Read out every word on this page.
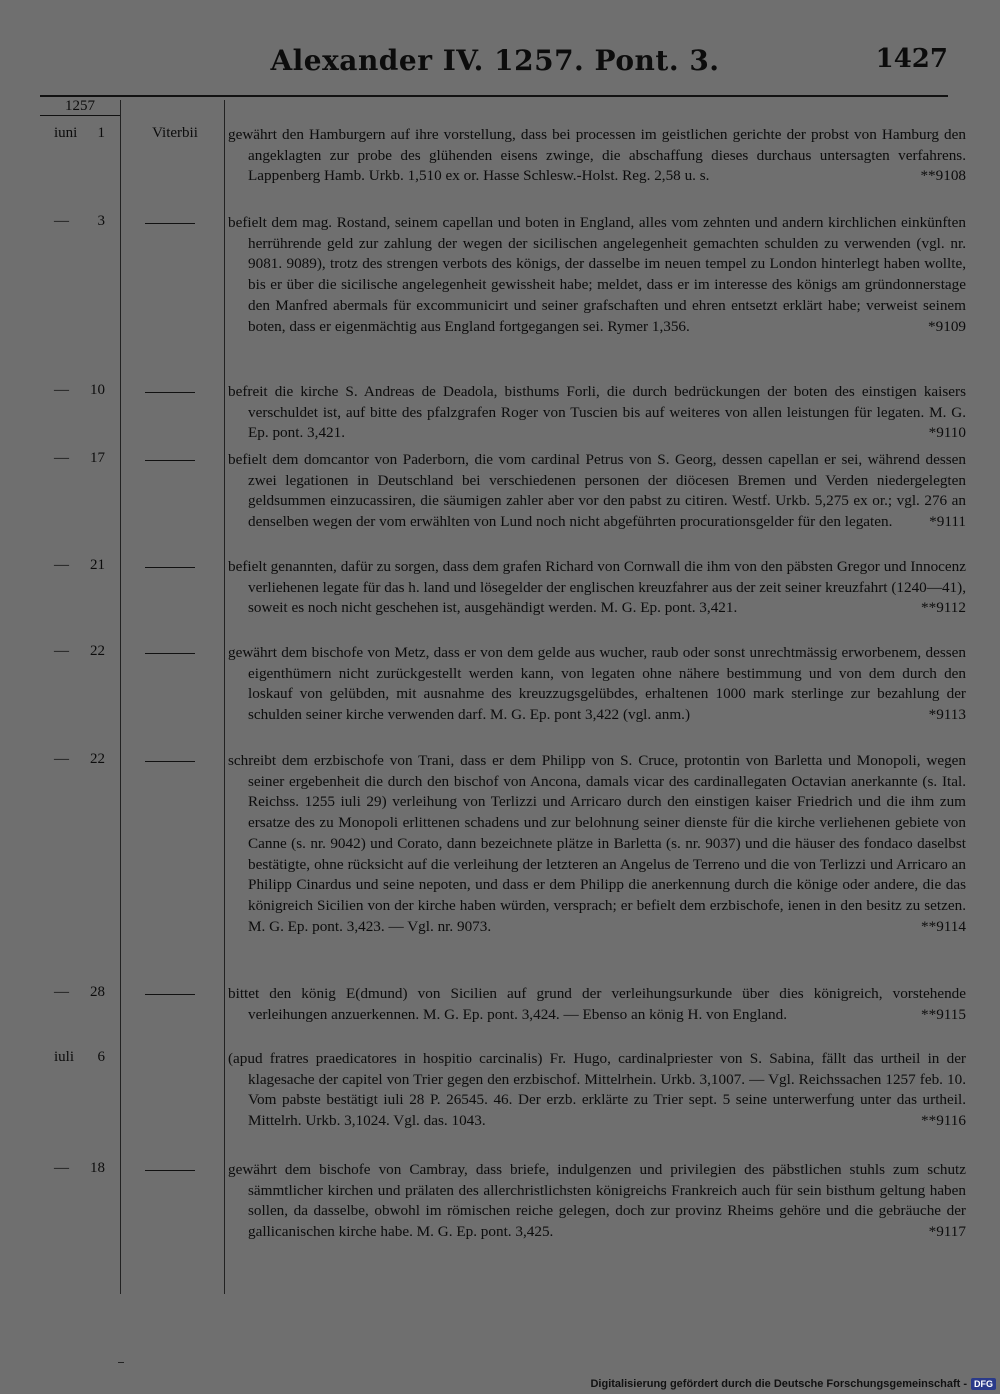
Alexander IV. 1257. Pont. 3.	1427
1257
iuni 1	Viterbii	gewährt den Hamburgern auf ihre vorstellung, dass bei processen im geistlichen gerichte der probst von Hamburg den angeklagten zur probe des glühenden eisens zwinge, die abschaffung dieses durchaus untersagten verfahrens. Lappenberg Hamb. Urkb. 1,510 ex or. Hasse Schlesw.-Holst. Reg. 2,58 u. s.	**9108
— 3	befielt dem mag. Rostand, seinem capellan und boten in England, alles vom zehnten und andern kirchlichen einkünften herrührende geld zur zahlung der wegen der sicilischen angelegenheit gemachten schulden zu verwenden (vgl. nr. 9081. 9089), trotz des strengen verbots des königs, der dasselbe im neuen tempel zu London hinterlegt haben wollte, bis er über die sicilische angelegenheit gewissheit habe; meldet, dass er im interesse des königs am gründonnerstage den Manfred abermals für excommunicirt und seiner grafschaften und ehren entsetzt erklärt habe; verweist seinem boten, dass er eigenmächtig aus England fortgegangen sei. Rymer 1,356.	*9109
— 10	befreit die kirche S. Andreas de Deadola, bisthums Forli, die durch bedrückungen der boten des einstigen kaisers verschuldet ist, auf bitte des pfalzgrafen Roger von Tuscien bis auf weiteres von allen leistungen für legaten. M. G. Ep. pont. 3,421.	*9110
— 17	befielt dem domcantor von Paderborn, die vom cardinal Petrus von S. Georg, dessen capellan er sei, während dessen zwei legationen in Deutschland bei verschiedenen personen der diöcesen Bremen und Verden niedergelegten geldsummen einzucassiren, die säumigen zahler aber vor den pabst zu citiren. Westf. Urkb. 5,275 ex or.; vgl. 276 an denselben wegen der vom erwählten von Lund noch nicht abgeführten procurationsgelder für den legaten. *9111
— 21	befielt genannten, dafür zu sorgen, dass dem grafen Richard von Cornwall die ihm von den päbsten Gregor und Innocenz verliehenen legate für das h. land und lösegelder der englischen kreuzfahrer aus der zeit seiner kreuzfahrt (1240—41), soweit es noch nicht geschehen ist, ausgehändigt werden. M. G. Ep. pont. 3,421.	**9112
— 22	gewährt dem bischofe von Metz, dass er von dem gelde aus wucher, raub oder sonst unrechtmässig erworbenem, dessen eigenthümern nicht zurückgestellt werden kann, von legaten ohne nähere bestimmung und von dem durch den loskauf von gelübden, mit ausnahme des kreuzzugsgelübdes, erhaltenen 1000 mark sterlinge zur bezahlung der schulden seiner kirche verwenden darf. M. G. Ep. pont 3,422 (vgl. anm.)	*9113
— 22	schreibt dem erzbischofe von Trani, dass er dem Philipp von S. Cruce, protontin von Barletta und Monopoli, wegen seiner ergebenheit die durch den bischof von Ancona, damals vicar des cardinallegaten Octavian anerkannte (s. Ital. Reichss. 1255 iuli 29) verleihung von Terlizzi und Arricaro durch den einstigen kaiser Friedrich und die ihm zum ersatze des zu Monopoli erlittenen schadens und zur belohnung seiner dienste für die kirche verliehenen gebiete von Canne (s. nr. 9042) und Corato, dann bezeichnete plätze in Barletta (s. nr. 9037) und die häuser des fondaco daselbst bestätigte, ohne rücksicht auf die verleihung der letzteren an Angelus de Terreno und die von Terlizzi und Arricaro an Philipp Cinardus und seine nepoten, und dass er dem Philipp die anerkennung durch die könige oder andere, die das königreich Sicilien von der kirche haben würden, versprach; er befielt dem erzbischofe, ienen in den besitz zu setzen. M. G. Ep. pont. 3,423. — Vgl. nr. 9073.	**9114
— 28	bittet den könig E(dmund) von Sicilien auf grund der verleihungsurkunde über dies königreich, vorstehende verleihungen anzuerkennen. M. G. Ep. pont. 3,424. — Ebenso an könig H. von England.	**9115
iuli 6	(apud fratres praedicatores in hospitio carcinalis) Fr. Hugo, cardinalpriester von S. Sabina, fällt das urtheil in der klagesache der capitel von Trier gegen den erzbischof. Mittelrhein. Urkb. 3,1007. — Vgl. Reichssachen 1257 feb. 10. Vom pabste bestätigt iuli 28 P. 26545. 46. Der erzb. erklärte zu Trier sept. 5 seine unterwerfung unter das urtheil. Mittelrh. Urkb. 3,1024. Vgl. das. 1043.	**9116
— 18	gewährt dem bischofe von Cambray, dass briefe, indulgenzen und privilegien des päbstlichen stuhls zum schutz sämmtlicher kirchen und prälaten des allerchristlichsten königreichs Frankreich auch für sein bisthum geltung haben sollen, da dasselbe, obwohl im römischen reiche gelegen, doch zur provinz Rheims gehöre und die gebräuche der gallicanischen kirche habe. M. G. Ep. pont. 3,425.	*9117
Digitalisierung gefördert durch die Deutsche Forschungsgemeinschaft - DFG
